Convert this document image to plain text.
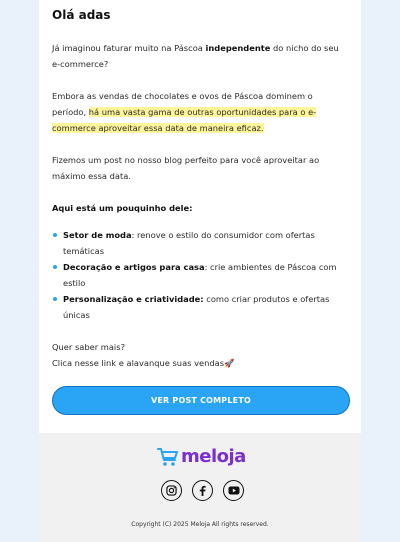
Olá adas

Já imaginou faturar muito na Páscoa independente do nicho do seu e-commerce?

Embora as vendas de chocolates e ovos de Páscoa dominem o período, há uma vasta gama de outras oportunidades para o e-commerce aproveitar essa data de maneira eficaz.

Fizemos um post no nosso blog perfeito para você aproveitar ao máximo essa data.

Aqui está um pouquinho dele:
Setor de moda: renove o estilo do consumidor com ofertas temáticas
Decoração e artigos para casa: crie ambientes de Páscoa com estilo
Personalização e criatividade: como criar produtos e ofertas únicas

Quer saber mais?

Clica nesse link e alavanque suas vendas🚀

VER POST COMPLETO

meloja
Copyright (C) 2025 Meloja All rights reserved.
